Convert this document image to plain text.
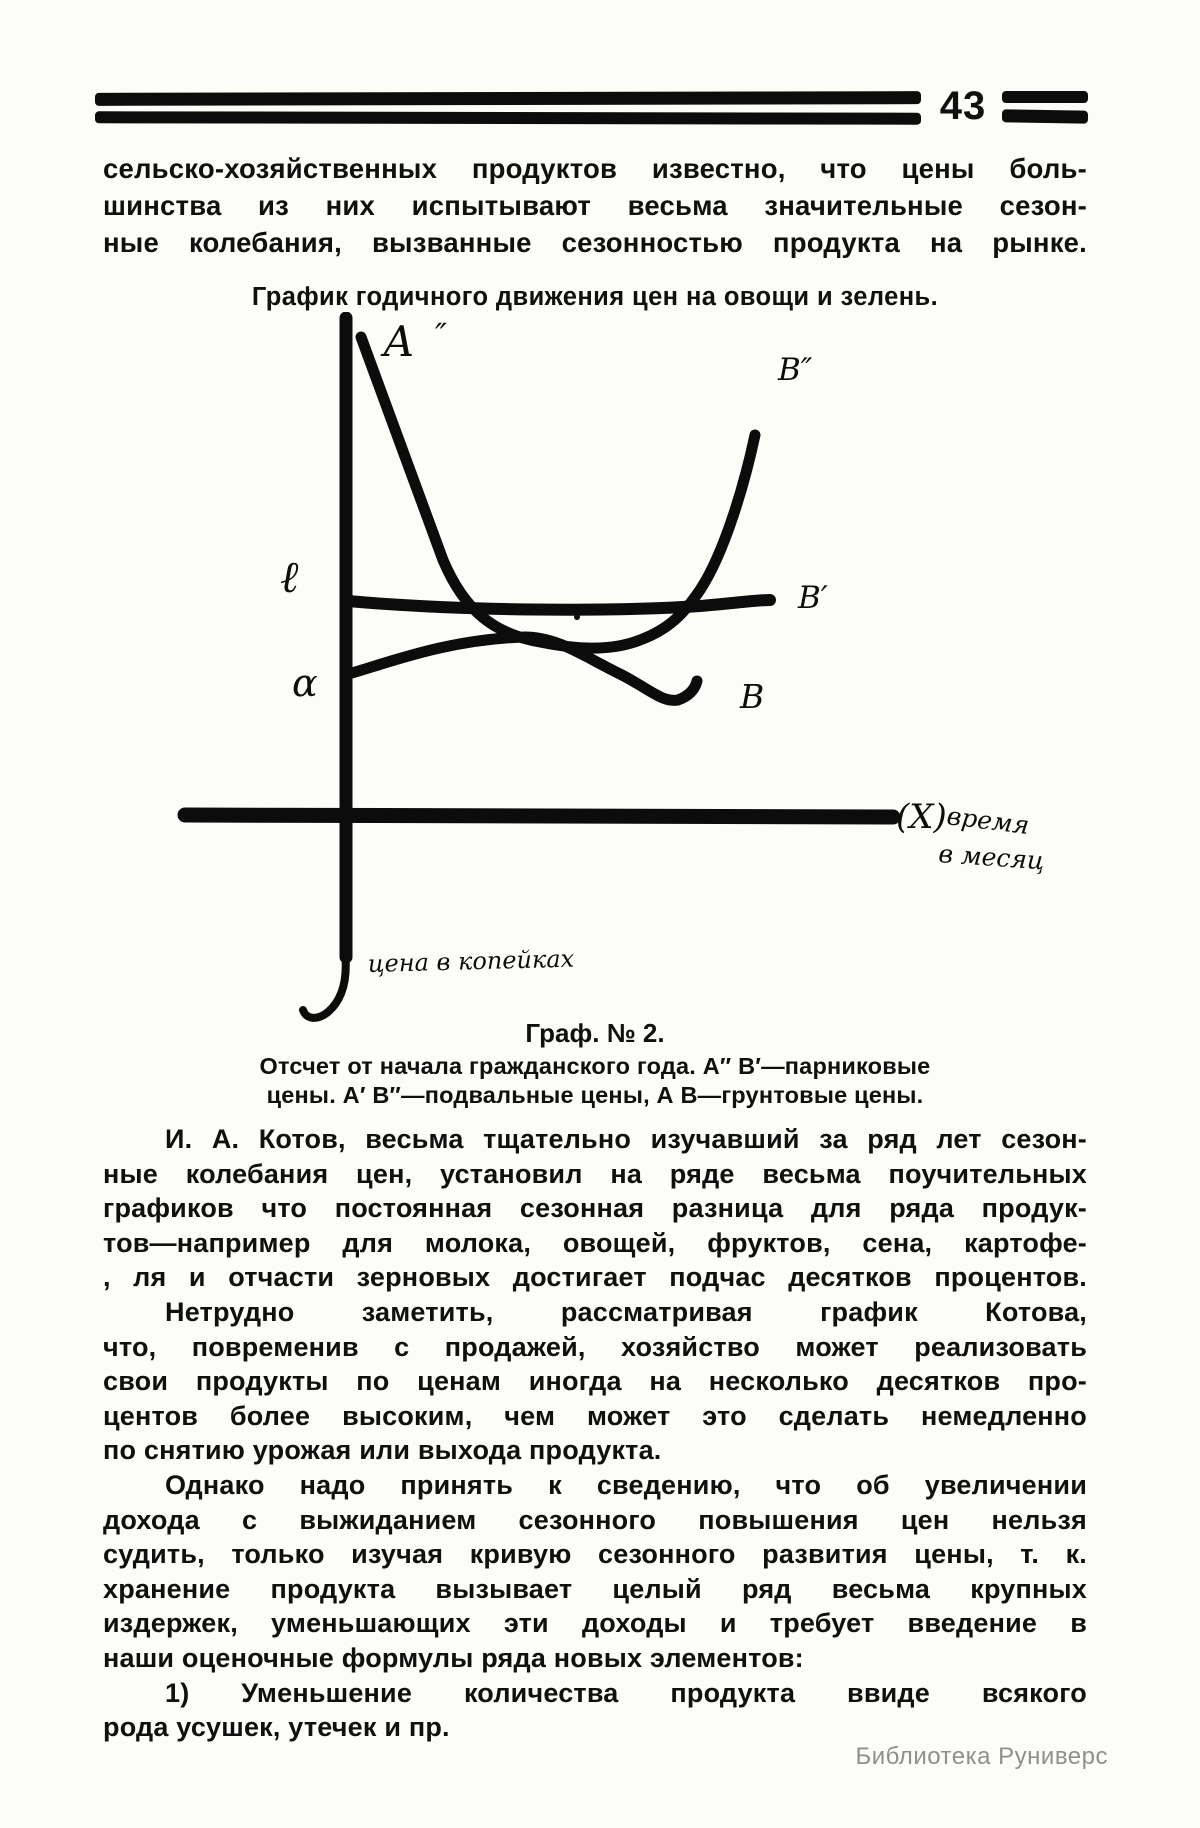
43
сельско-хозяйственных продуктов известно, что цены боль-
шинства из них испытывают весьма значительные сезон-
ные колебания, вызванные сезонностью продукта на рынке.
График годичного движения цен на овощи и зелень.
А ″
В″
ℓ	В′
ɑ	В
цена в копейках
(Х)
время
в месяц
Граф. № 2.
Отсчет от начала гражданского года. А″ В′—парниковые
цены. А′ В″—подвальные цены, А В—грунтовые цены.
И. А. Котов, весьма тщательно изучавший за ряд лет сезон-
ные колебания цен, установил на ряде весьма поучительных
графиков что постоянная сезонная разница для ряда продук-
тов—например для молока, овощей, фруктов, сена, картофе-
, ля и отчасти зерновых достигает подчас десятков процентов.
Нетрудно заметить, рассматривая график Котова,
что, повременив с продажей, хозяйство может реализовать
свои продукты по ценам иногда на несколько десятков про-
центов более высоким, чем может это сделать немедленно
по снятию урожая или выхода продукта.
Однако надо принять к сведению, что об увеличении
дохода с выжиданием сезонного повышения цен нельзя
судить, только изучая кривую сезонного развития цены, т. к.
хранение продукта вызывает целый ряд весьма крупных
издержек, уменьшающих эти доходы и требует введение в
наши оценочные формулы ряда новых элементов:
1) Уменьшение количества продукта ввиде всякого
рода усушек, утечек и пр.
Библиотека Руниверс
